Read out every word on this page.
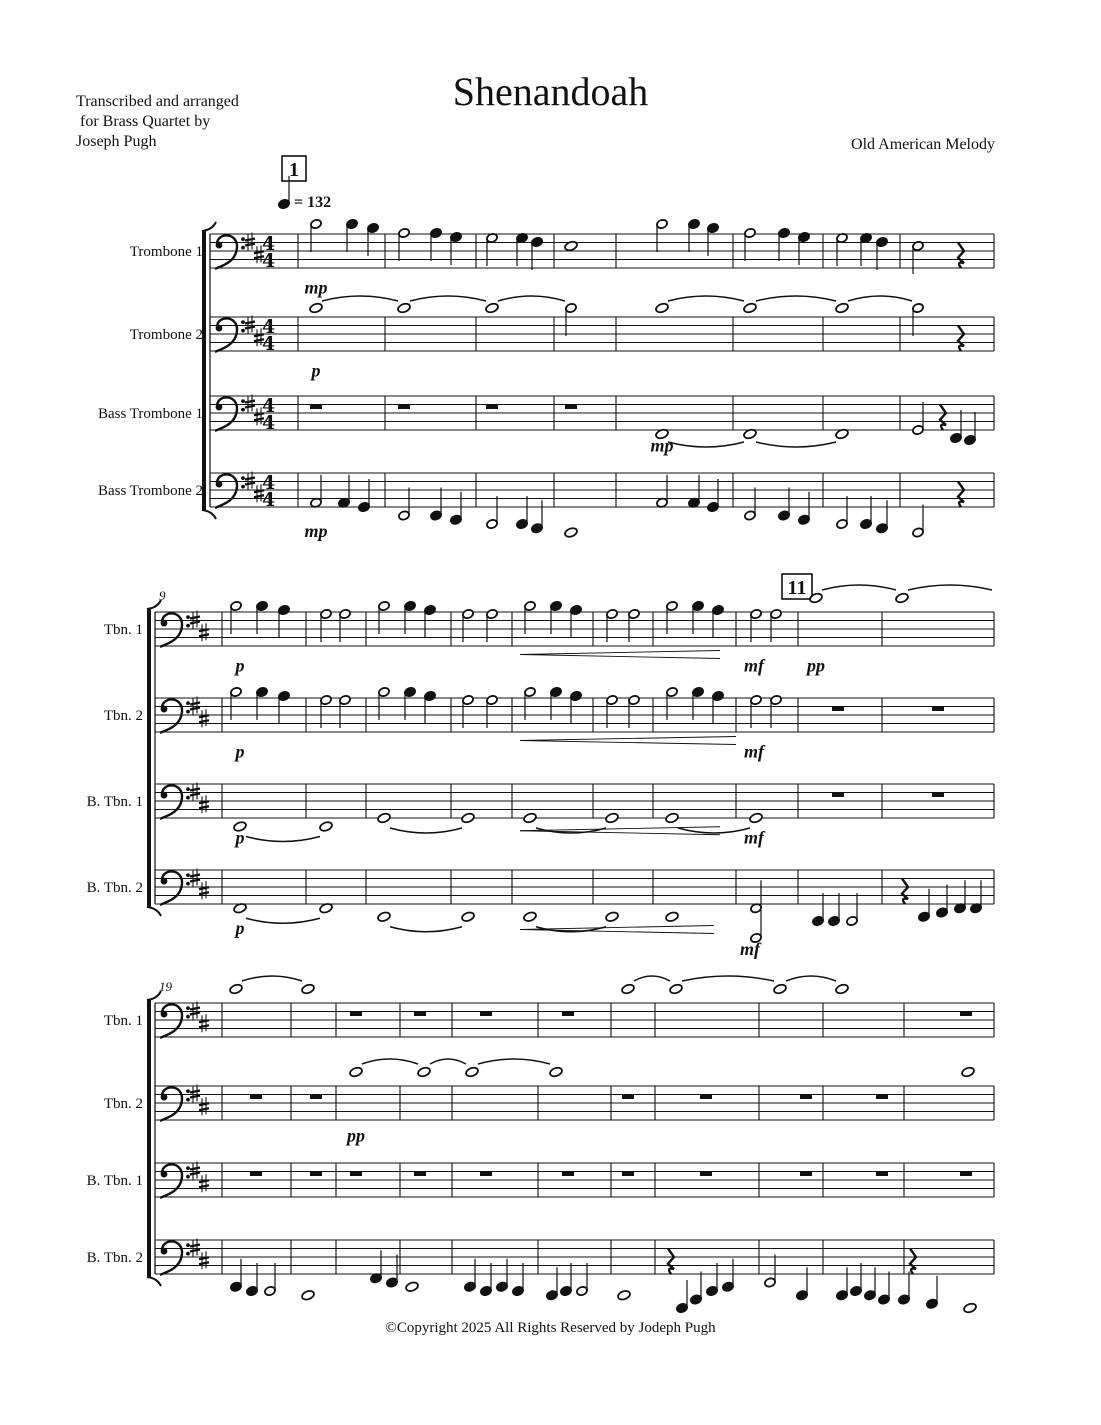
Shenandoah
Transcribed and arranged
for Brass Quartet by
Joseph Pugh	Old American Melody
©Copyright 2025 All Rights Reserved by Jodeph Pugh
Trombone 1	4
4
Trombone 2	4
4
Bass Trombone 1	4
4
Bass Trombone 2	4
4
9
Tbn. 1
Tbn. 2
B. Tbn. 1
B. Tbn. 2
19
Tbn. 1
Tbn. 2
B. Tbn. 1
B. Tbn. 2
1
11
= 132
mp
p
mp
mp
p	mf pp
p	mf
p	mf
p
mf
pp
